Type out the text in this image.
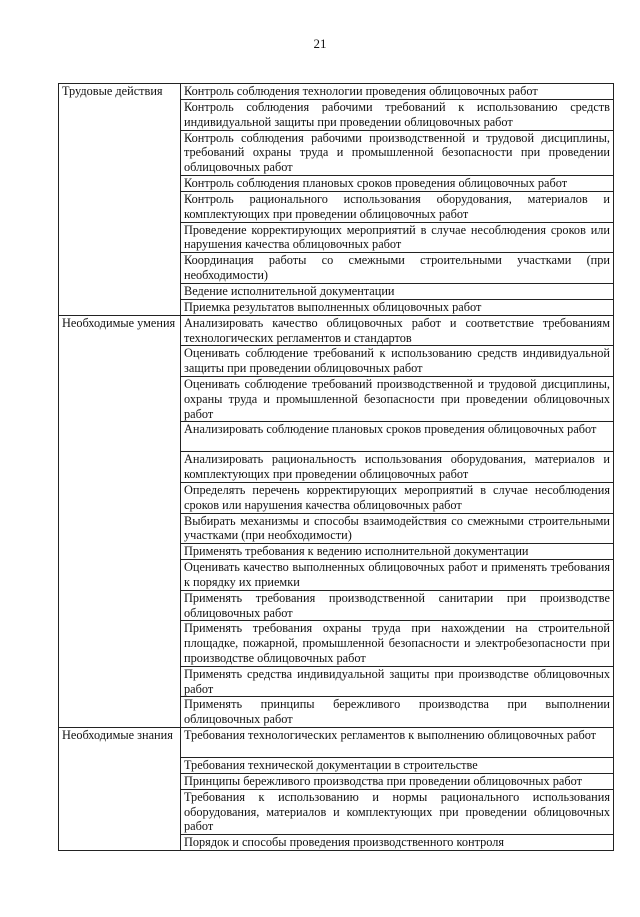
21
Трудовые действия	Контроль соблюдения технологии проведения облицовочных работ
	Контроль соблюдения рабочими требований к использованию средств индивидуальной защиты при проведении облицовочных работ
	Контроль соблюдения рабочими производственной и трудовой дисциплины, требований охраны труда и промышленной безопасности при проведении облицовочных работ
	Контроль соблюдения плановых сроков проведения облицовочных работ
	Контроль рационального использования оборудования, материалов и комплектующих при проведении облицовочных работ
	Проведение корректирующих мероприятий в случае несоблюдения сроков или нарушения качества облицовочных работ
	Координация работы со смежными строительными участками (при необходимости)
	Ведение исполнительной документации
	Приемка результатов выполненных облицовочных работ
Необходимые умения	Анализировать качество облицовочных работ и соответствие требованиям технологических регламентов и стандартов
	Оценивать соблюдение требований к использованию средств индивидуальной защиты при проведении облицовочных работ
	Оценивать соблюдение требований производственной и трудовой дисциплины, охраны труда и промышленной безопасности при проведении облицовочных работ
	Анализировать соблюдение плановых сроков проведения облицовочных работ
	Анализировать рациональность использования оборудования, материалов и комплектующих при проведении облицовочных работ
	Определять перечень корректирующих мероприятий в случае несоблюдения сроков или нарушения качества облицовочных работ
	Выбирать механизмы и способы взаимодействия со смежными строительными участками (при необходимости)
	Применять требования к ведению исполнительной документации
	Оценивать качество выполненных облицовочных работ и применять требования к порядку их приемки
	Применять требования производственной санитарии при производстве облицовочных работ
	Применять требования охраны труда при нахождении на строительной площадке, пожарной, промышленной безопасности и электробезопасности при производстве облицовочных работ
	Применять средства индивидуальной защиты при производстве облицовочных работ
	Применять принципы бережливого производства при выполнении облицовочных работ
Необходимые знания	Требования технологических регламентов к выполнению облицовочных работ
	Требования технической документации в строительстве
	Принципы бережливого производства при проведении облицовочных работ
	Требования к использованию и нормы рационального использования оборудования, материалов и комплектующих при проведении облицовочных работ
	Порядок и способы проведения производственного контроля
